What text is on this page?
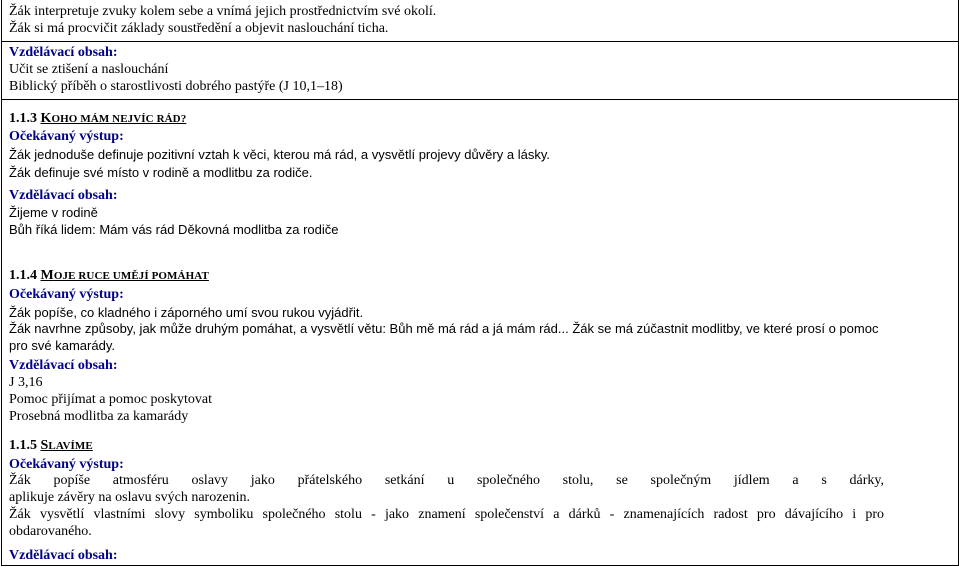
Žák interpretuje zvuky kolem sebe a vnímá jejich prostřednictvím své okolí.
Žák si má procvičit základy soustředění a objevit naslouchání ticha.
Vzdělávací obsah:
Učit se ztišení a naslouchání
Biblický příběh o starostlivosti dobrého pastýře (J 10,1–18)
1.1.3 KOHO MÁM NEJVÍC RÁD?
Očekávaný výstup:
Žák jednoduše definuje pozitivní vztah k věci, kterou má rád, a vysvětlí projevy důvěry a lásky.
Žák definuje své místo v rodině a modlitbu za rodiče.
Vzdělávací obsah:
Žijeme v rodině
Bůh říká lidem: Mám vás rád Děkovná modlitba za rodiče
1.1.4 MOJE RUCE UMĚJÍ POMÁHAT
Očekávaný výstup:
Žák popíše, co kladného i záporného umí svou rukou vyjádřit.
Žák navrhne způsoby, jak může druhým pomáhat, a vysvětlí větu: Bůh mě má rád a já mám rád... Žák se má zúčastnit modlitby, ve které prosí o pomoc
pro své kamarády.
Vzdělávací obsah:
J 3,16
Pomoc přijímat a pomoc poskytovat
Prosebná modlitba za kamarády
1.1.5 SLAVÍME
Očekávaný výstup:
Žák popíše atmosféru oslavy jako přátelského setkání u společného stolu, se společným jídlem a s dárky,
aplikuje závěry na oslavu svých narozenin.
Žák vysvětlí vlastními slovy symboliku společného stolu - jako znamení společenství a dárků - znamenajících radost pro dávajícího i pro
obdarovaného.
Vzdělávací obsah:
